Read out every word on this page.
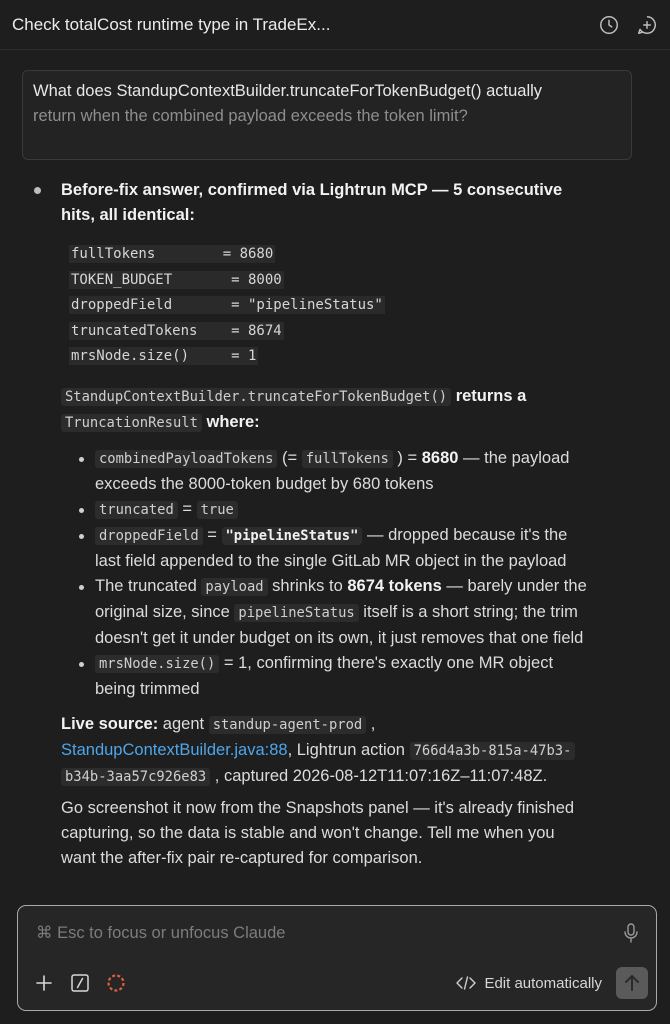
Check totalCost runtime type in TradeEx...
What does StandupContextBuilder.truncateForTokenBudget() actually
return when the combined payload exceeds the token limit?
Before-fix answer, confirmed via Lightrun MCP — 5 consecutive
hits, all identical:
fullTokens        = 8680
TOKEN_BUDGET       = 8000
droppedField       = "pipelineStatus"
truncatedTokens    = 8674
mrsNode.size()     = 1
StandupContextBuilder.truncateForTokenBudget() returns a
TruncationResult where:
combinedPayloadTokens (= fullTokens ) = 8680 — the payload
exceeds the 8000-token budget by 680 tokens
truncated = true
droppedField = "pipelineStatus" — dropped because it's the
last field appended to the single GitLab MR object in the payload
The truncated payload shrinks to 8674 tokens — barely under the
original size, since pipelineStatus itself is a short string; the trim
doesn't get it under budget on its own, it just removes that one field
mrsNode.size() = 1, confirming there's exactly one MR object
being trimmed
Live source: agent standup-agent-prod ,
StandupContextBuilder.java:88, Lightrun action 766d4a3b-815a-47b3-
b34b-3aa57c926e83 , captured 2026-08-12T11:07:16Z–11:07:48Z.
Go screenshot it now from the Snapshots panel — it's already finished
capturing, so the data is stable and won't change. Tell me when you
want the after-fix pair re-captured for comparison.
⌘ Esc to focus or unfocus Claude
Edit automatically
